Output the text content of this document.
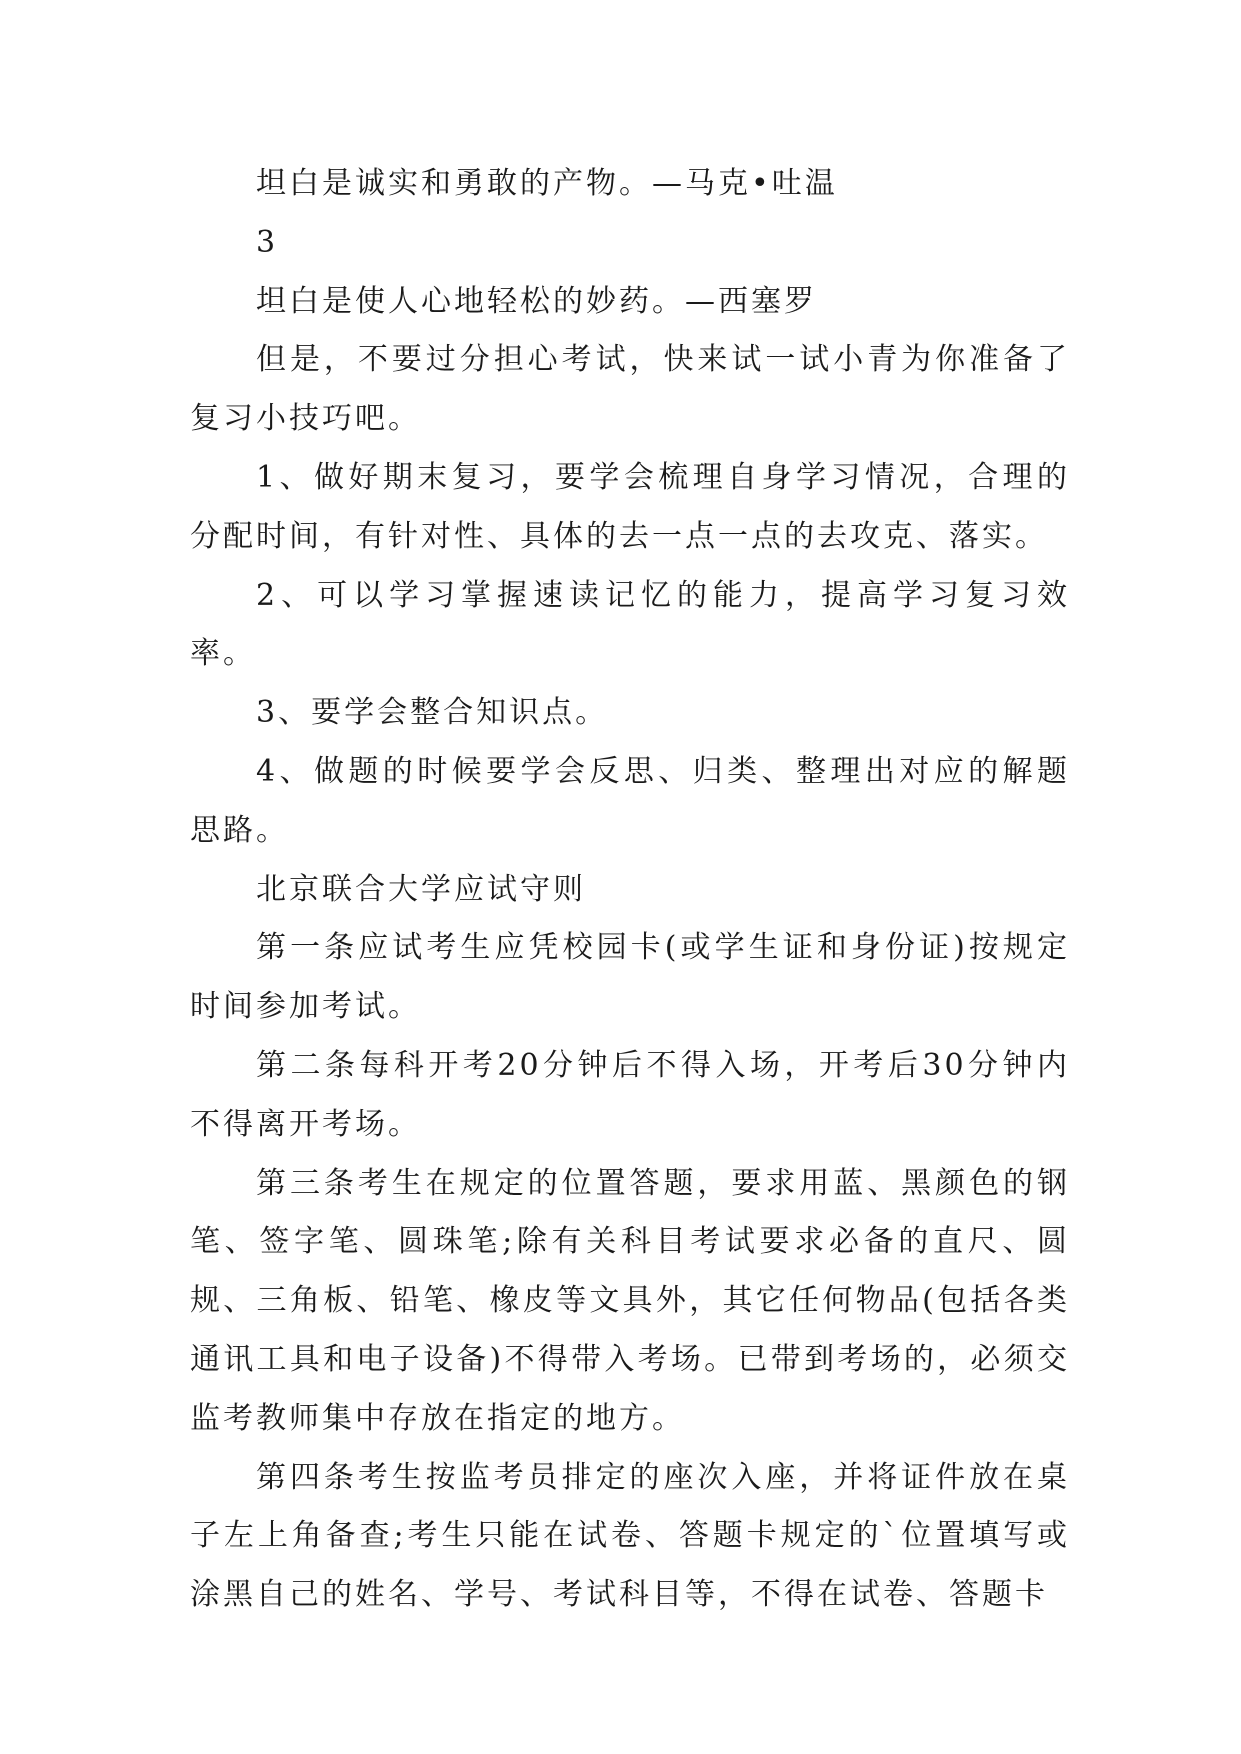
坦白是诚实和勇敢的产物。—马克•吐温

3

坦白是使人心地轻松的妙药。—西塞罗

但是，不要过分担心考试，快来试一试小青为你准备了复习小技巧吧。

1、做好期末复习，要学会梳理自身学习情况，合理的分配时间，有针对性、具体的去一点一点的去攻克、落实。

2、可以学习掌握速读记忆的能力，提高学习复习效率。

3、要学会整合知识点。

4、做题的时候要学会反思、归类、整理出对应的解题思路。

北京联合大学应试守则

第一条应试考生应凭校园卡(或学生证和身份证)按规定时间参加考试。

第二条每科开考20分钟后不得入场，开考后30分钟内不得离开考场。

第三条考生在规定的位置答题，要求用蓝、黑颜色的钢笔、签字笔、圆珠笔;除有关科目考试要求必备的直尺、圆规、三角板、铅笔、橡皮等文具外，其它任何物品(包括各类通讯工具和电子设备)不得带入考场。已带到考场的，必须交监考教师集中存放在指定的地方。

第四条考生按监考员排定的座次入座，并将证件放在桌子左上角备查;考生只能在试卷、答题卡规定的`位置填写或涂黑自己的姓名、学号、考试科目等，不得在试卷、答题卡
